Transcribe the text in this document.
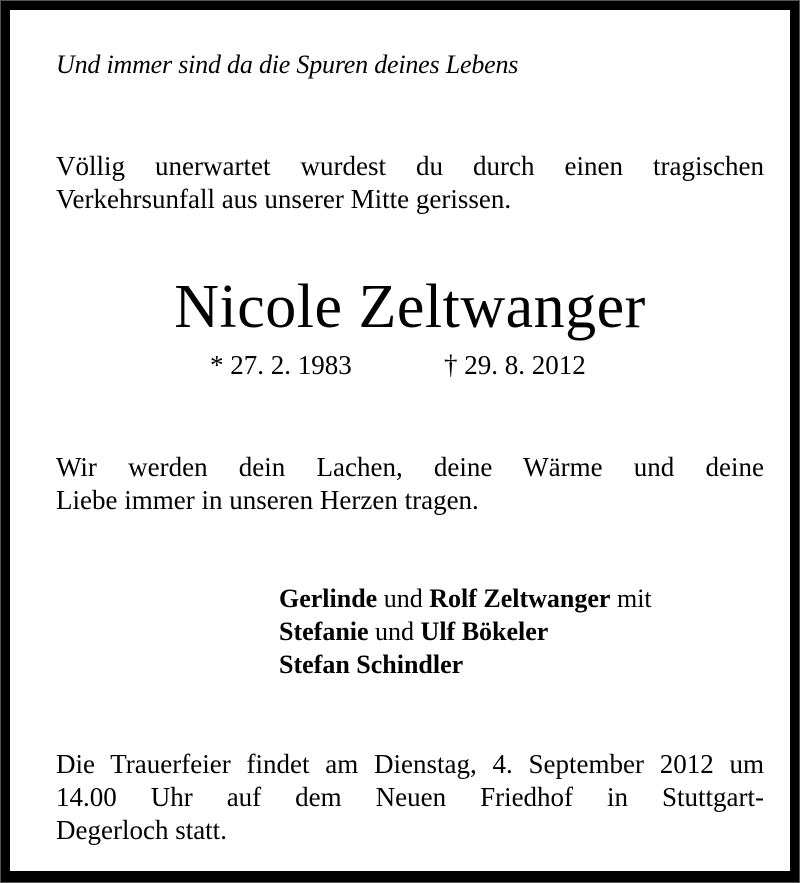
Und immer sind da die Spuren deines Lebens
Völlig unerwartet wurdest du durch einen tragischen
Verkehrsunfall aus unserer Mitte gerissen.
Nicole Zeltwanger
* 27. 2. 1983	† 29. 8. 2012
Wir werden dein Lachen, deine Wärme und deine
Liebe immer in unseren Herzen tragen.
Gerlinde und Rolf Zeltwanger mit
Stefanie und Ulf Bökeler
Stefan Schindler
Die Trauerfeier findet am Dienstag, 4. September 2012 um
14.00 Uhr auf dem Neuen Friedhof in Stuttgart-
Degerloch statt.
